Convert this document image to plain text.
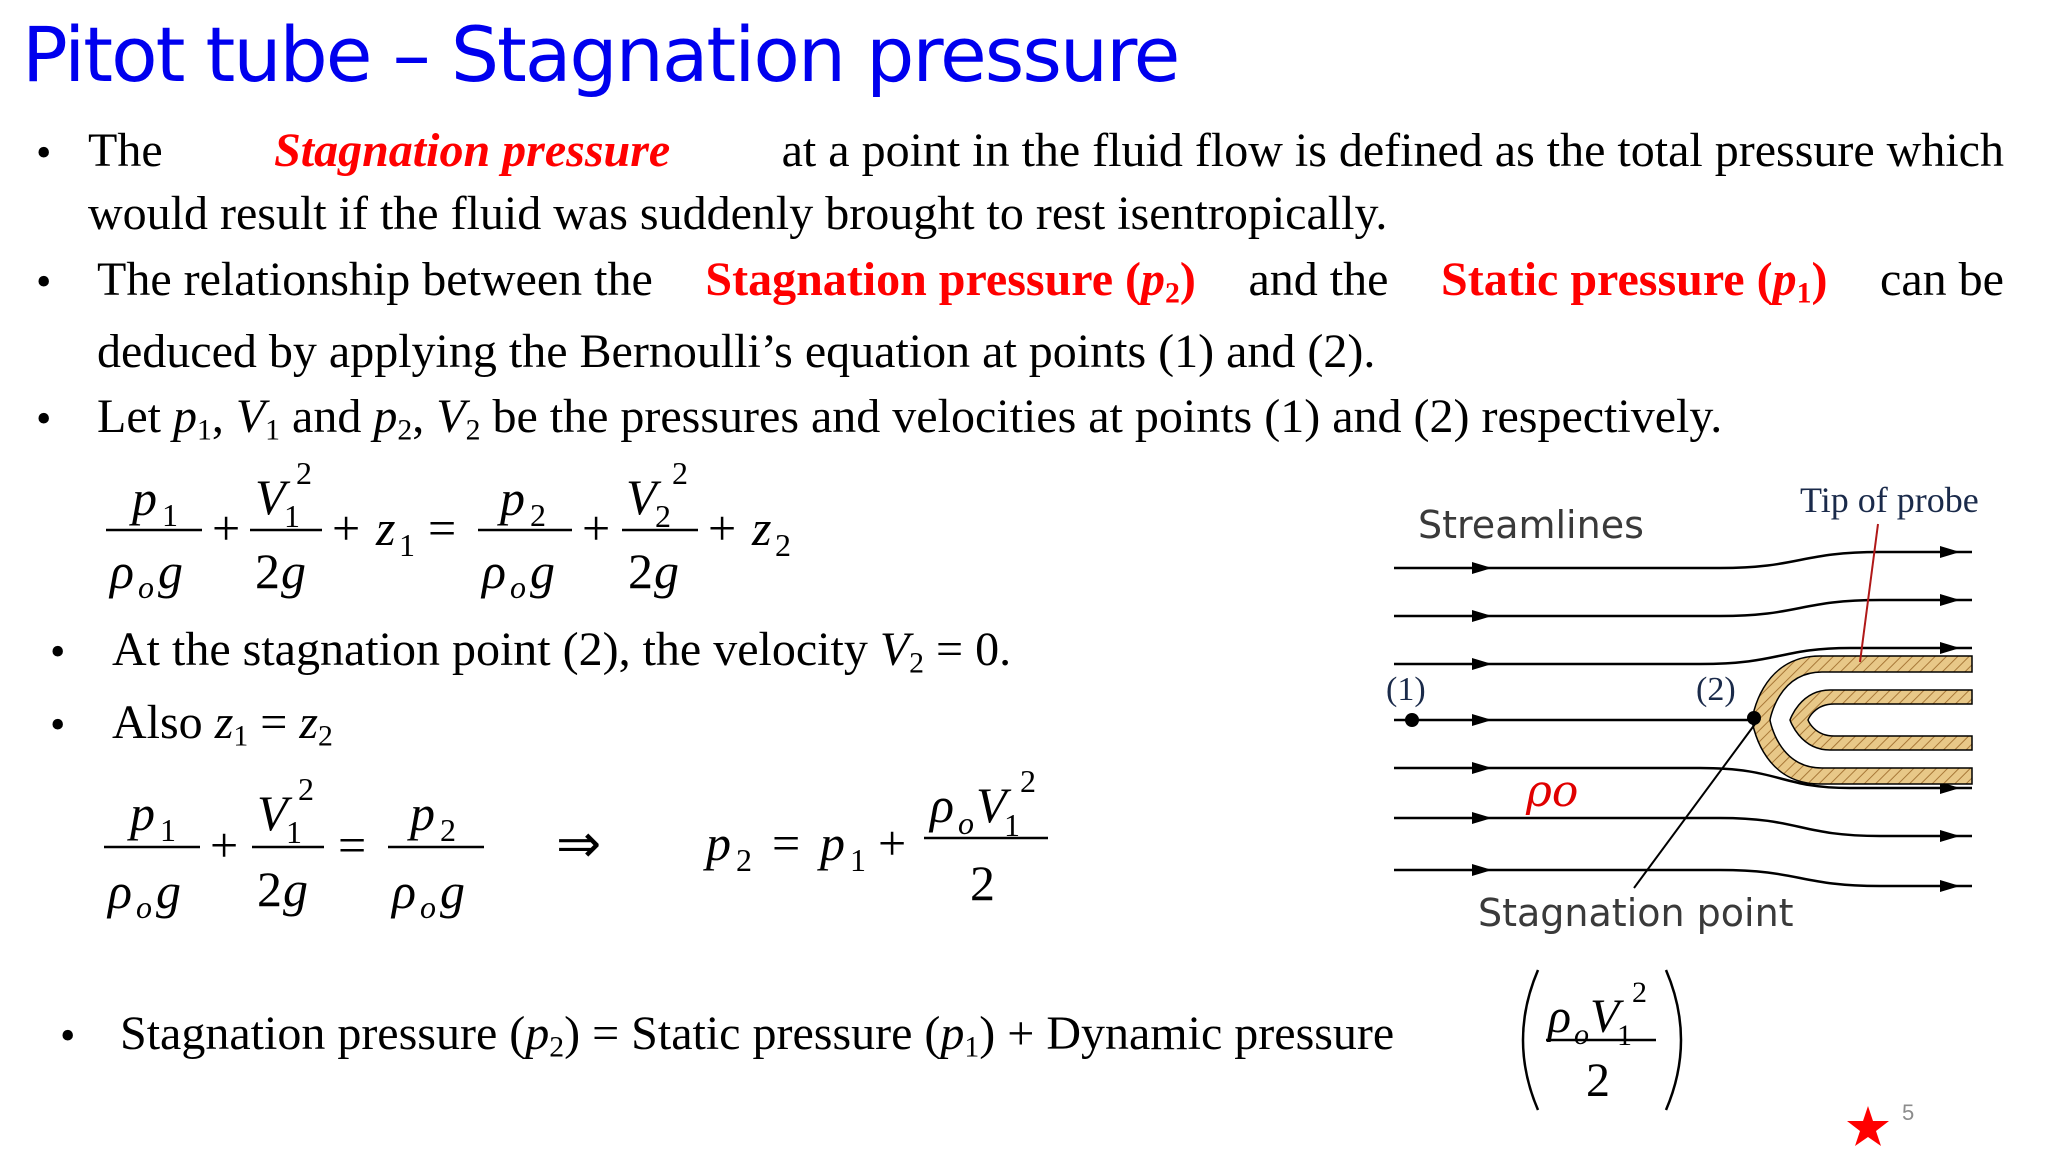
Pitot tube – Stagnation pressure
• The Stagnation pressure at a point in the fluid flow is defined as the total pressure which
would result if the fluid was suddenly brought to rest isentropically.
• The relationship between the Stagnation pressure $(p_2)$ and the Static pressure $(p_1)$ can be
deduced by applying the Bernoulli’s equation at points (1) and (2).
• Let $p_1$, $V_1$ and $p_2$, $V_2$ be the pressures and velocities at points (1) and (2) respectively.
• At the stagnation point (2), the velocity $V_2 = 0$.
• Also $z_1 = z_2$
• Stagnation pressure $(p_2)$ = Static pressure $(p_1)$ + Dynamic pressure
p 1
ρ o g
+
V
1
2
2 g
+ z 1 =
p 2
ρ o g
+
V
2
2
2 g
+ z 2
p 1
ρ o g
+
V
1
2
2 g
=
p 2
ρ o g
⇒ p 2 = p 1 +
ρ o V
1
2
2
ρ o V
1
2
2
Streamlines
Tip of probe
(1)	(2)
ρo
Stagnation point
5
